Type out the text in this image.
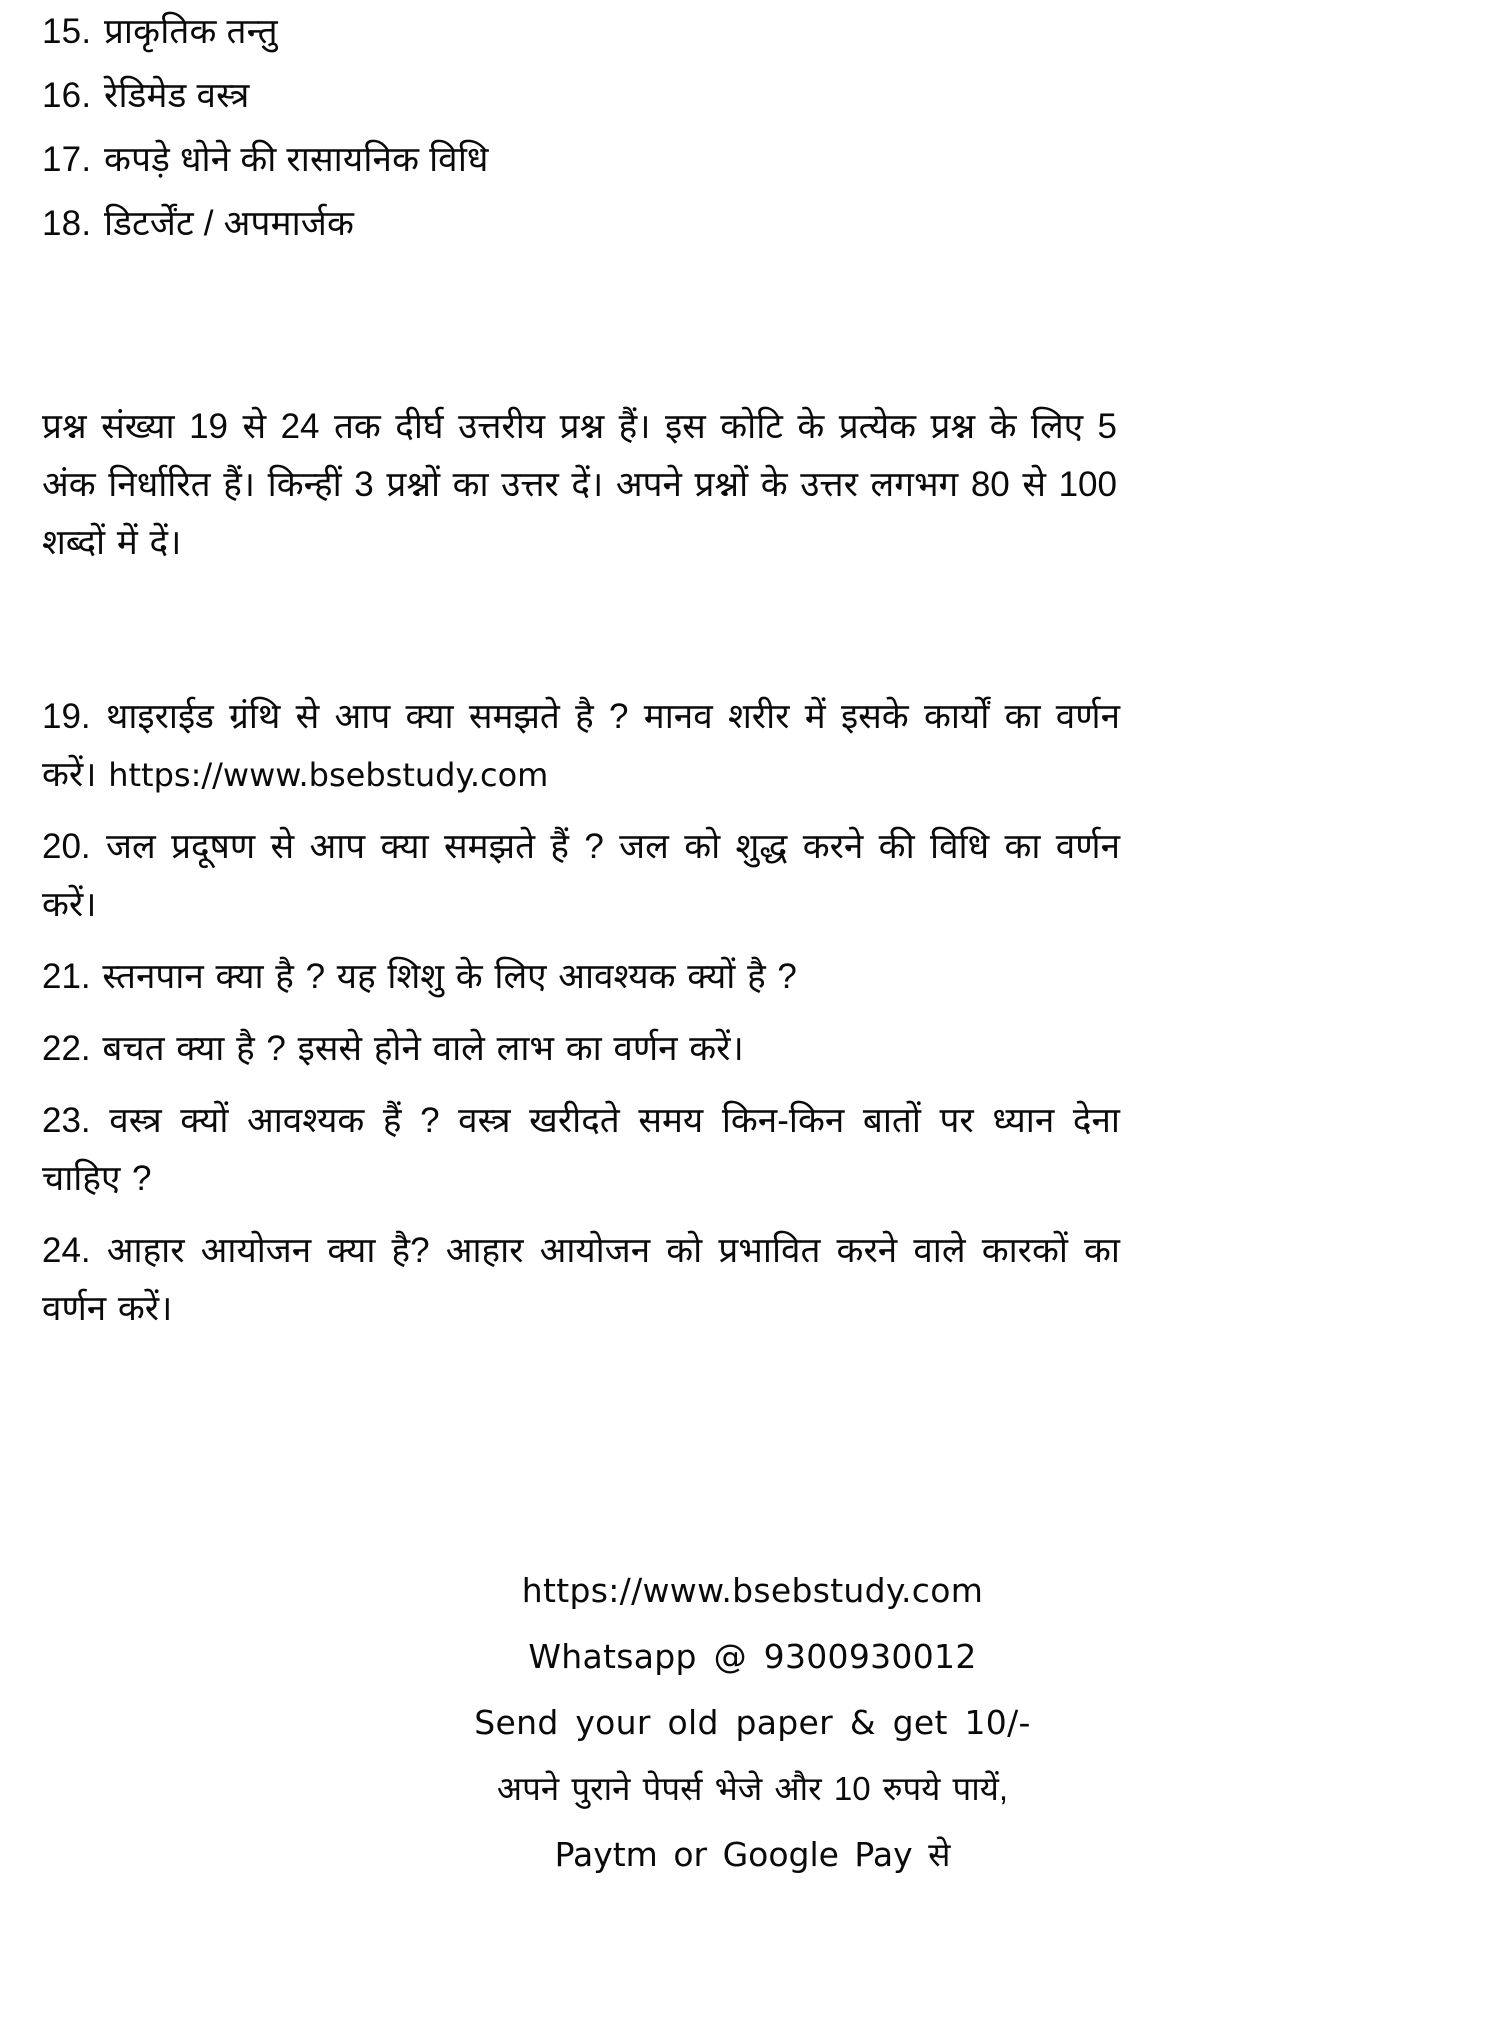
15. प्राकृतिक तन्तु
16. रेडिमेड वस्त्र
17. कपड़े धोने की रासायनिक विधि
18. डिटर्जेंट / अपमार्जक
प्रश्न संख्या 19 से 24 तक दीर्घ उत्तरीय प्रश्न हैं। इस कोटि के प्रत्येक प्रश्न के लिए 5 अंक निर्धारित हैं। किन्हीं 3 प्रश्नों का उत्तर दें। अपने प्रश्नों के उत्तर लगभग 80 से 100 शब्दों में दें।
19. थाइराईड ग्रंथि से आप क्या समझते है ? मानव शरीर में इसके कार्यों का वर्णन करें। https://www.bsebstudy.com
20. जल प्रदूषण से आप क्या समझते हैं ? जल को शुद्ध करने की विधि का वर्णन करें।
21. स्तनपान क्या है ? यह शिशु के लिए आवश्यक क्यों है ?
22. बचत क्या है ? इससे होने वाले लाभ का वर्णन करें।
23. वस्त्र क्यों आवश्यक हैं ? वस्त्र खरीदते समय किन-किन बातों पर ध्यान देना चाहिए ?
24. आहार आयोजन क्या है? आहार आयोजन को प्रभावित करने वाले कारकों का वर्णन करें।
https://www.bsebstudy.com
Whatsapp @ 9300930012
Send your old paper & get 10/-
अपने पुराने पेपर्स भेजे और 10 रुपये पायें,
Paytm or Google Pay से
